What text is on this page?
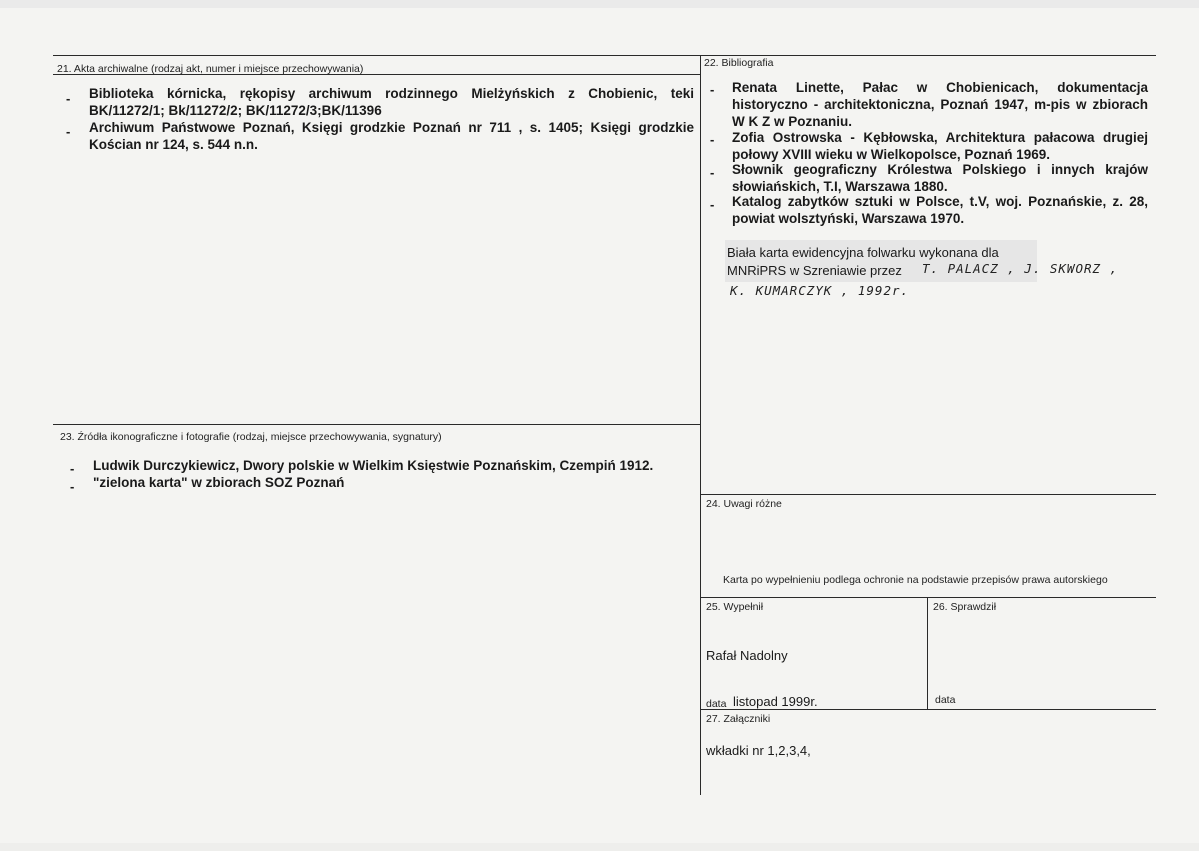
21. Akta archiwalne (rodzaj akt, numer i miejsce przechowywania)
- Biblioteka kórnicka, rękopisy archiwum rodzinnego Mielżyńskich z Chobienic, teki BK/11272/1; Bk/11272/2; BK/11272/3;BK/11396
- Archiwum Państwowe Poznań, Księgi grodzkie Poznań nr 711 , s. 1405; Księgi grodzkie Kościan nr 124, s. 544 n.n.
22. Bibliografia
- Renata Linette, Pałac w Chobienicach, dokumentacja historyczno - architektoniczna, Poznań 1947, m-pis w zbiorach W K Z w Poznaniu.
- Zofia Ostrowska - Kębłowska, Architektura pałacowa drugiej połowy XVIII wieku w Wielkopolsce, Poznań 1969.
- Słownik geograficzny Królestwa Polskiego i innych krajów słowiańskich, T.I, Warszawa 1880.
- Katalog zabytków sztuki w Polsce, t.V, woj. Poznańskie, z. 28, powiat wolsztyński, Warszawa 1970.
Biała karta ewidencyjna folwarku wykonana dla
MNRiPRS w Szreniawie przez T. PALACZ , J. SKWORZ ,
K. KUMARCZYK , 1992r.
23. Źródła ikonograficzne i fotografie (rodzaj, miejsce przechowywania, sygnatury)
- Ludwik Durczykiewicz, Dwory polskie w Wielkim Księstwie Poznańskim, Czempiń 1912.
- "zielona karta" w zbiorach SOZ Poznań
24. Uwagi różne
Karta po wypełnieniu podlega ochronie na podstawie przepisów prawa autorskiego
25. Wypełnił
Rafał Nadolny
data listopad 1999r.
26. Sprawdził
data
27. Załączniki
wkładki nr 1,2,3,4,
